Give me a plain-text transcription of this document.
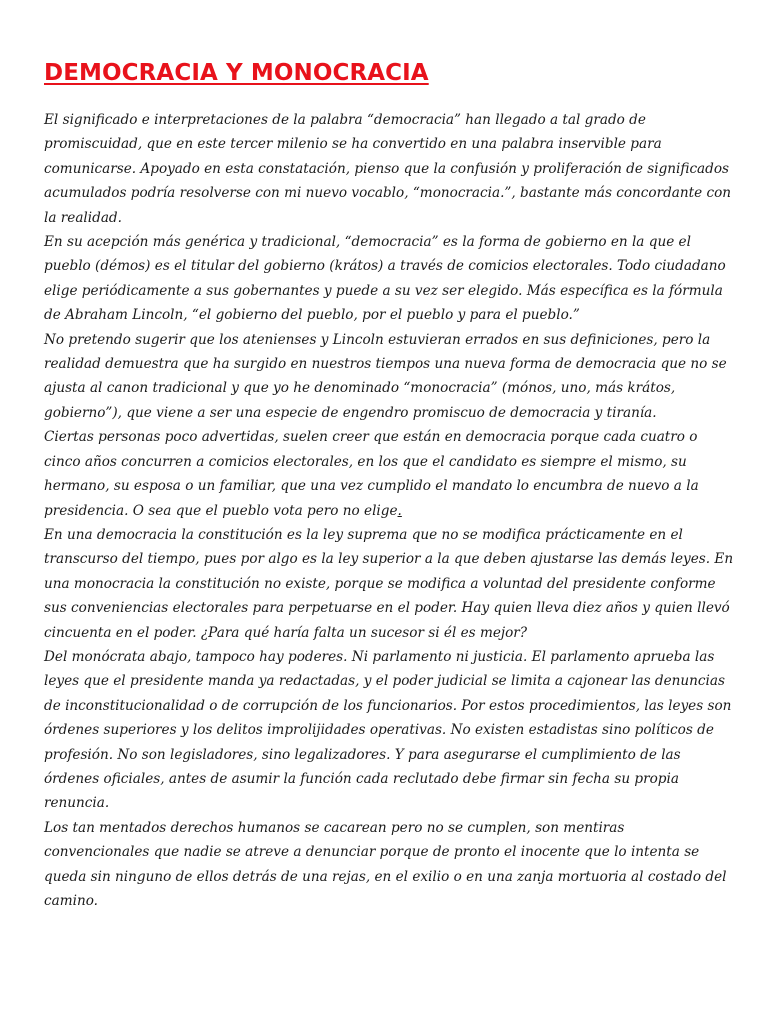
DEMOCRACIA Y MONOCRACIA

El significado e interpretaciones de la palabra “democracia” han llegado a tal grado de promiscuidad, que en este tercer milenio se ha convertido en una palabra inservible para comunicarse. Apoyado en esta constatación, pienso que la confusión y proliferación de significados acumulados podría resolverse con mi nuevo vocablo, “monocracia.”, bastante más concordante con la realidad.

En su acepción más genérica y tradicional, “democracia” es la forma de gobierno en la que el pueblo (démos) es el titular del gobierno (krátos) a través de comicios electorales. Todo ciudadano elige periódicamente a sus gobernantes y puede a su vez ser elegido. Más específica es la fórmula de Abraham Lincoln, “el gobierno del pueblo, por el pueblo y para el pueblo.”

No pretendo sugerir que los atenienses y Lincoln estuvieran errados en sus definiciones, pero la realidad demuestra que ha surgido en nuestros tiempos una nueva forma de democracia que no se ajusta al canon tradicional y que yo he denominado “monocracia” (mónos, uno, más krátos, gobierno”), que viene a ser una especie de engendro promiscuo de democracia y tiranía.

Ciertas personas poco advertidas, suelen creer que están en democracia porque cada cuatro o cinco años concurren a comicios electorales, en los que el candidato es siempre el mismo, su hermano, su esposa o un familiar, que una vez cumplido el mandato lo encumbra de nuevo a la presidencia. O sea que el pueblo vota pero no elige.

En una democracia la constitución es la ley suprema que no se modifica prácticamente en el transcurso del tiempo, pues por algo es la ley superior a la que deben ajustarse las demás leyes. En una monocracia la constitución no existe, porque se modifica a voluntad del presidente conforme sus conveniencias electorales para perpetuarse en el poder. Hay quien lleva diez años y quien llevó cincuenta en el poder. ¿Para qué haría falta un sucesor si él es mejor?

Del monócrata abajo, tampoco hay poderes. Ni parlamento ni justicia. El parlamento aprueba las leyes que el presidente manda ya redactadas, y el poder judicial se limita a cajonear las denuncias de inconstitucionalidad o de corrupción de los funcionarios. Por estos procedimientos, las leyes son órdenes superiores y los delitos improlijidades operativas. No existen estadistas sino políticos de profesión. No son legisladores, sino legalizadores. Y para asegurarse el cumplimiento de las órdenes oficiales, antes de asumir la función cada reclutado debe firmar sin fecha su propia renuncia.

Los tan mentados derechos humanos se cacarean pero no se cumplen, son mentiras convencionales que nadie se atreve a denunciar porque de pronto el inocente que lo intenta se queda sin ninguno de ellos detrás de una rejas, en el exilio o en una zanja mortuoria al costado del camino.
